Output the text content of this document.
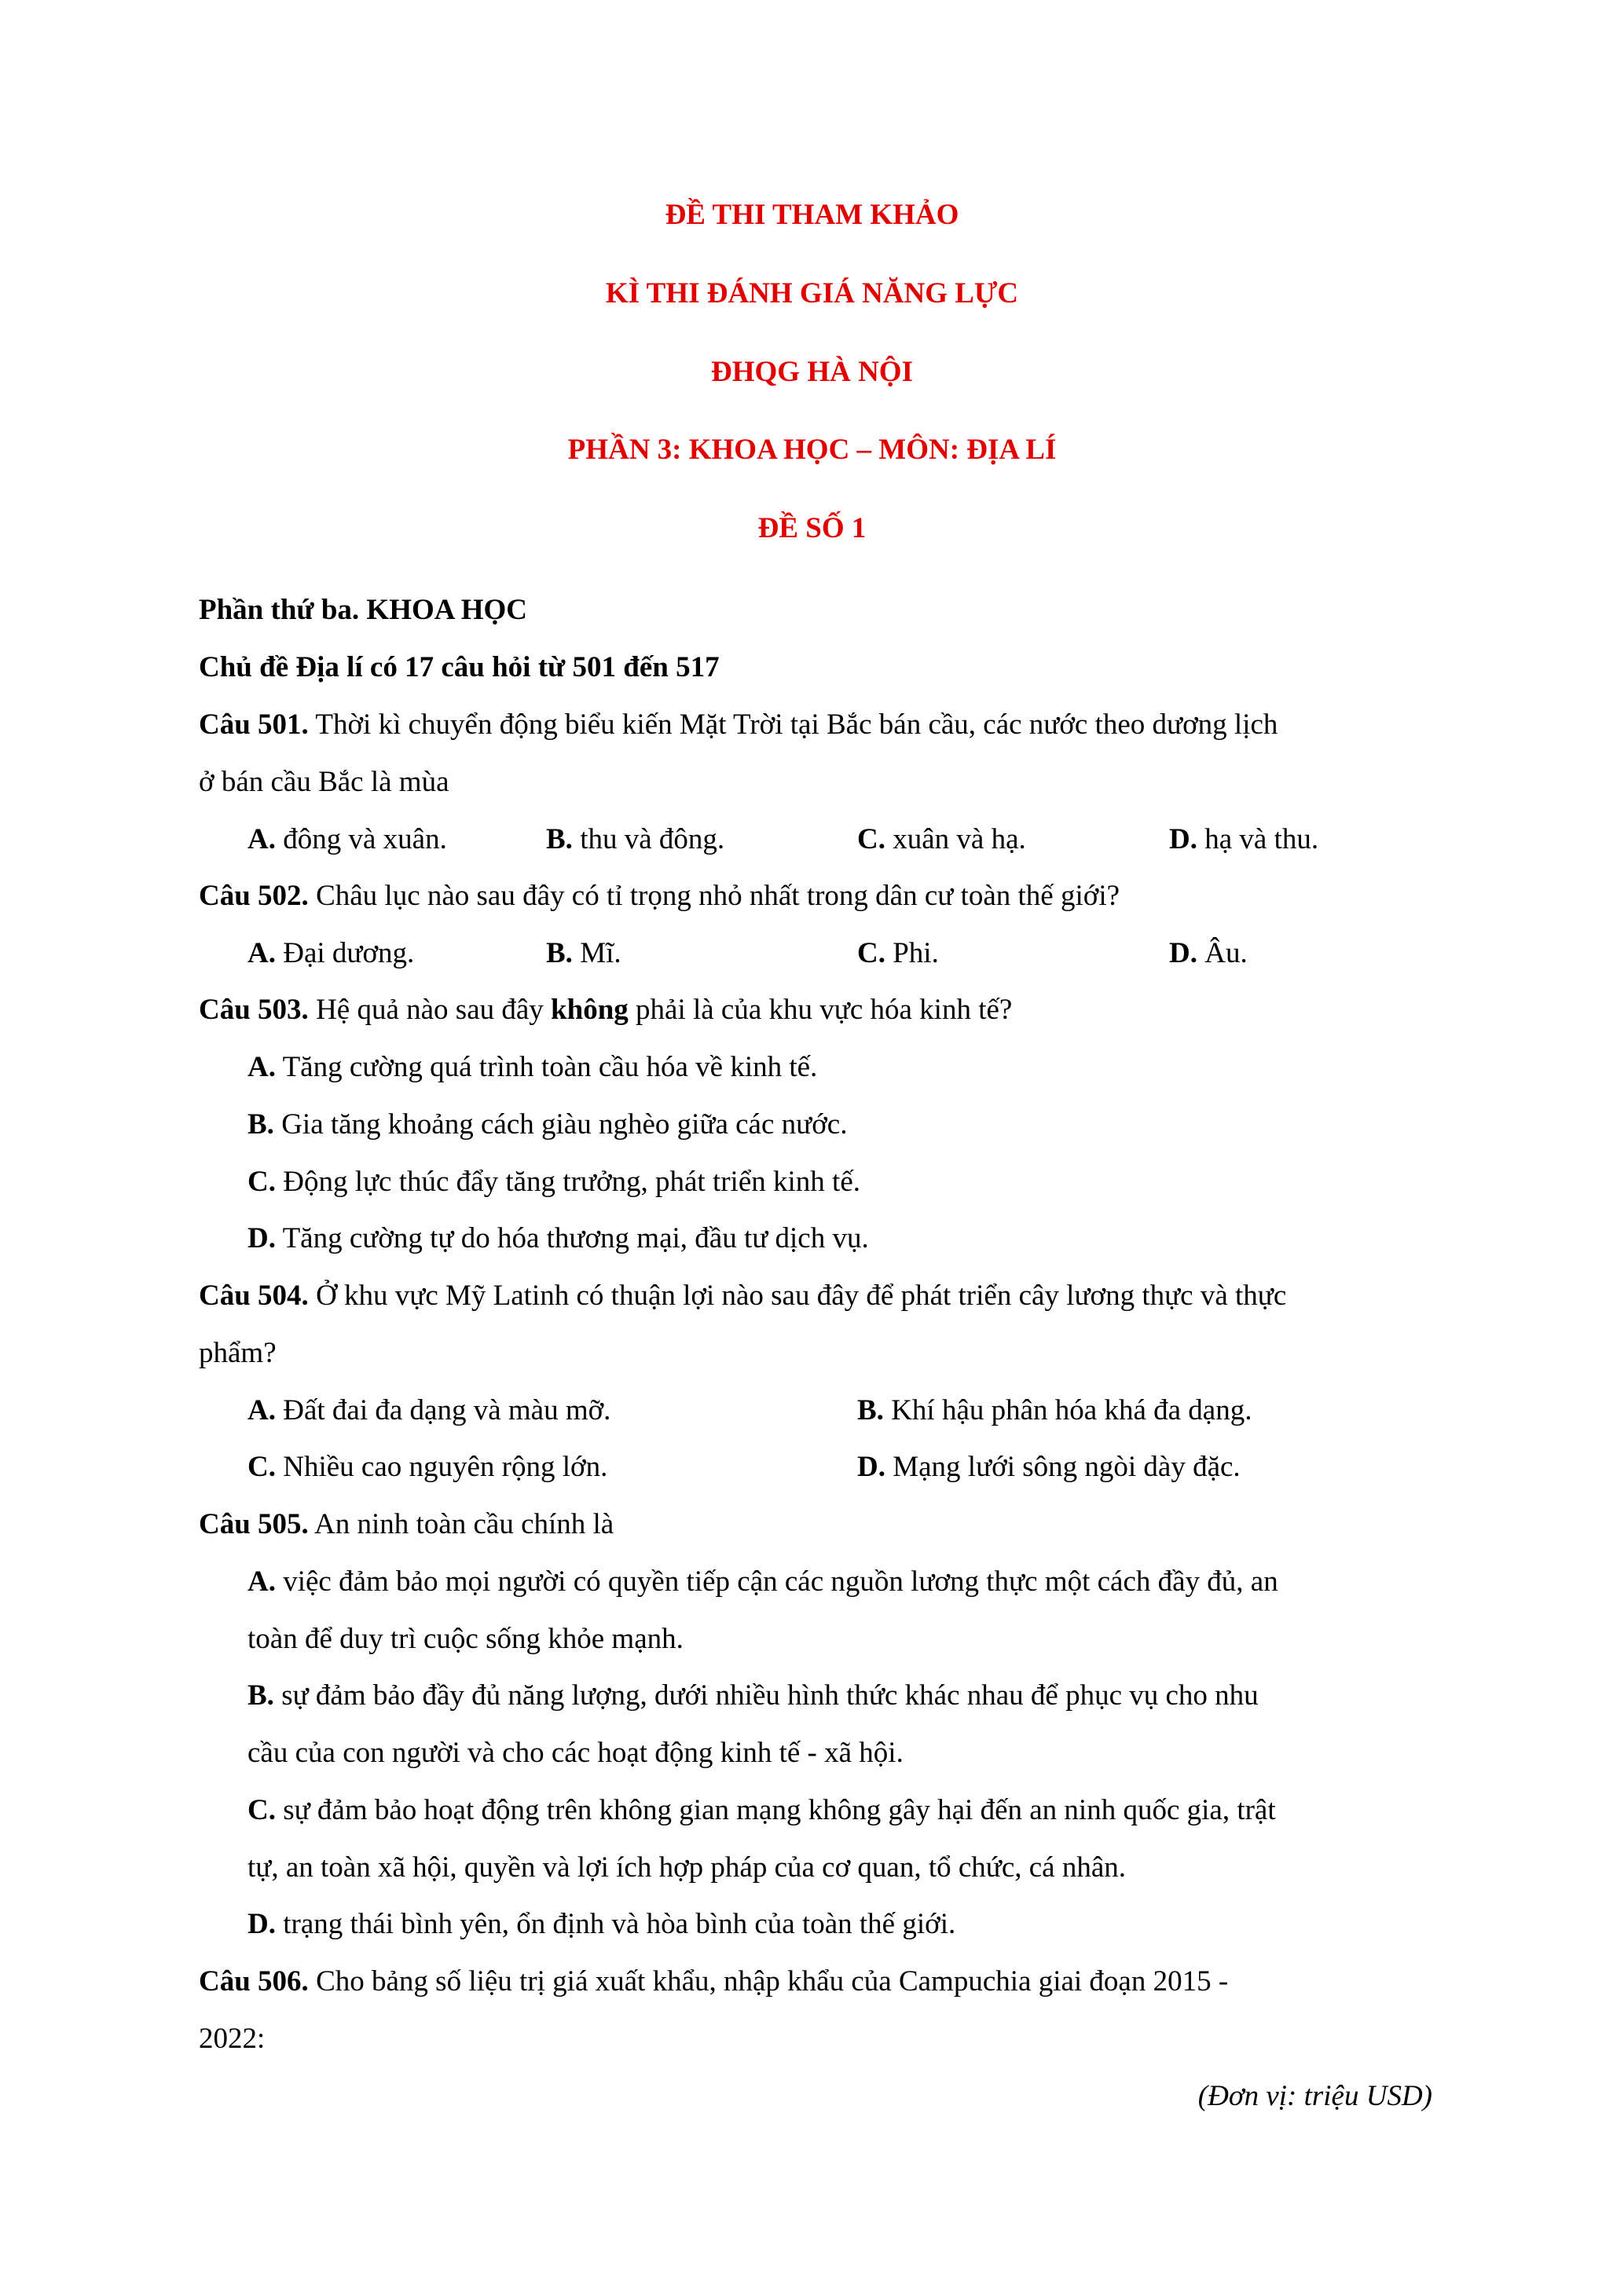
ĐỀ THI THAM KHẢO
KÌ THI ĐÁNH GIÁ NĂNG LỰC
ĐHQG HÀ NỘI
PHẦN 3: KHOA HỌC – MÔN: ĐỊA LÍ
ĐỀ SỐ 1
Phần thứ ba. KHOA HỌC
Chủ đề Địa lí có 17 câu hỏi từ 501 đến 517
Câu 501. Thời kì chuyển động biểu kiến Mặt Trời tại Bắc bán cầu, các nước theo dương lịch
ở bán cầu Bắc là mùa
A. đông và xuân.	B. thu và đông.	C. xuân và hạ.	D. hạ và thu.
Câu 502. Châu lục nào sau đây có tỉ trọng nhỏ nhất trong dân cư toàn thế giới?
A. Đại dương.	B. Mĩ.	C. Phi.	D. Âu.
Câu 503. Hệ quả nào sau đây không phải là của khu vực hóa kinh tế?
A. Tăng cường quá trình toàn cầu hóa về kinh tế.
B. Gia tăng khoảng cách giàu nghèo giữa các nước.
C. Động lực thúc đẩy tăng trưởng, phát triển kinh tế.
D. Tăng cường tự do hóa thương mại, đầu tư dịch vụ.
Câu 504. Ở khu vực Mỹ Latinh có thuận lợi nào sau đây để phát triển cây lương thực và thực
phẩm?
A. Đất đai đa dạng và màu mỡ.	B. Khí hậu phân hóa khá đa dạng.
C. Nhiều cao nguyên rộng lớn.	D. Mạng lưới sông ngòi dày đặc.
Câu 505. An ninh toàn cầu chính là
A. việc đảm bảo mọi người có quyền tiếp cận các nguồn lương thực một cách đầy đủ, an
toàn để duy trì cuộc sống khỏe mạnh.
B. sự đảm bảo đầy đủ năng lượng, dưới nhiều hình thức khác nhau để phục vụ cho nhu
cầu của con người và cho các hoạt động kinh tế - xã hội.
C. sự đảm bảo hoạt động trên không gian mạng không gây hại đến an ninh quốc gia, trật
tự, an toàn xã hội, quyền và lợi ích hợp pháp của cơ quan, tổ chức, cá nhân.
D. trạng thái bình yên, ổn định và hòa bình của toàn thế giới.
Câu 506. Cho bảng số liệu trị giá xuất khẩu, nhập khẩu của Campuchia giai đoạn 2015 -
2022:
(Đơn vị: triệu USD)
